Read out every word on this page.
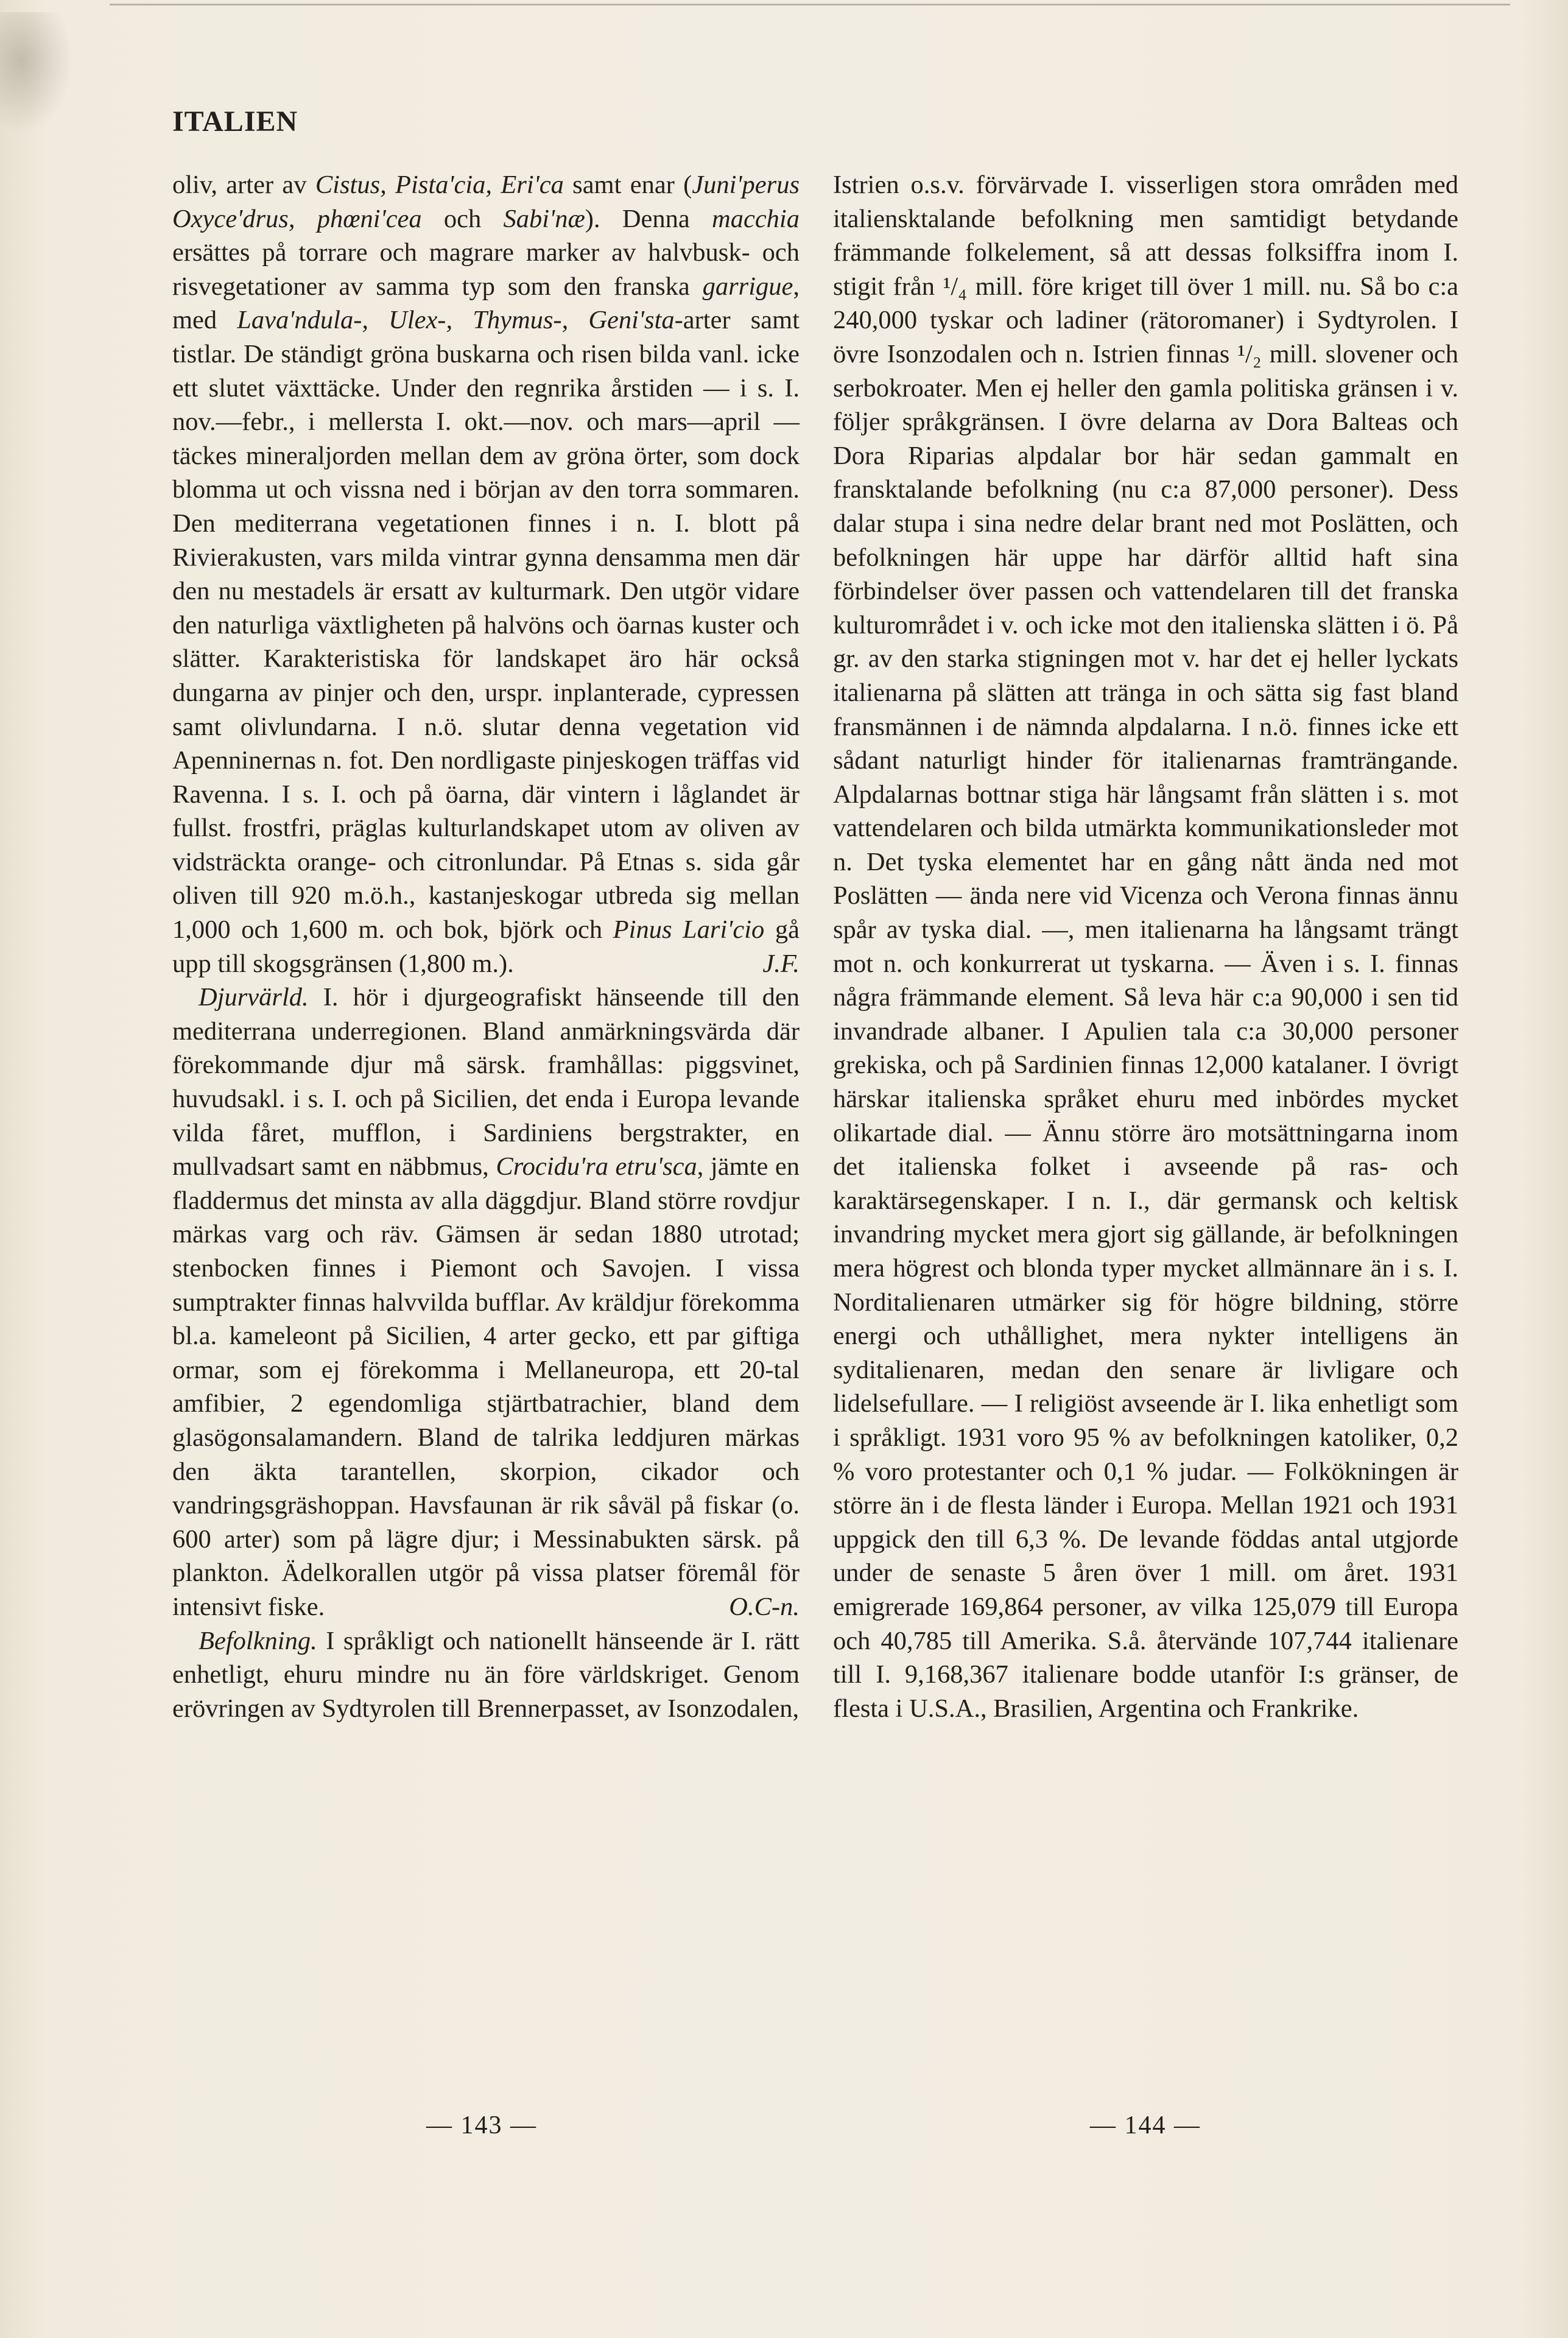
ITALIEN

oliv, arter av Cistus, Pista'cia, Eri'ca samt enar (Juni'perus Oxyce'drus, phœni'cea och Sabi'næ). Denna macchia ersättes på torrare och magrare marker av halvbusk- och risvegetationer av samma typ som den franska garrigue, med Lava'ndula-, Ulex-, Thymus-, Geni'sta-arter samt tistlar. De ständigt gröna buskarna och risen bilda vanl. icke ett slutet växttäcke. Under den regnrika årstiden — i s. I. nov.—febr., i mellersta I. okt.—nov. och mars—april — täckes mineraljorden mellan dem av gröna örter, som dock blomma ut och vissna ned i början av den torra sommaren. Den mediterrana vegetationen finnes i n. I. blott på Rivierakusten, vars milda vintrar gynna densamma men där den nu mestadels är ersatt av kulturmark. Den utgör vidare den naturliga växtligheten på halvöns och öarnas kuster och slätter. Karakteristiska för landskapet äro här också dungarna av pinjer och den, urspr. inplanterade, cypressen samt olivlundarna. I n.ö. slutar denna vegetation vid Apenninernas n. fot. Den nordligaste pinjeskogen träffas vid Ravenna. I s. I. och på öarna, där vintern i låglandet är fullst. frostfri, präglas kulturlandskapet utom av oliven av vidsträckta orange- och citronlundar. På Etnas s. sida går oliven till 920 m.ö.h., kastanjeskogar utbreda sig mellan 1,000 och 1,600 m. och bok, björk och Pinus Lari'cio gå upp till skogsgränsen (1,800 m.).	J.F.

Djurvärld. I. hör i djurgeografiskt hänseende till den mediterrana underregionen. Bland anmärkningsvärda där förekommande djur må särsk. framhållas: piggsvinet, huvudsakl. i s. I. och på Sicilien, det enda i Europa levande vilda fåret, mufflon, i Sardiniens bergstrakter, en mullvadsart samt en näbbmus, Crocidu'ra etru'sca, jämte en fladdermus det minsta av alla däggdjur. Bland större rovdjur märkas varg och räv. Gämsen är sedan 1880 utrotad; stenbocken finnes i Piemont och Savojen. I vissa sumptrakter finnas halvvilda bufflar. Av kräldjur förekomma bl.a. kameleont på Sicilien, 4 arter gecko, ett par giftiga ormar, som ej förekomma i Mellaneuropa, ett 20-tal amfibier, 2 egendomliga stjärtbatrachier, bland dem glasögonsalamandern. Bland de talrika leddjuren märkas den äkta tarantellen, skorpion, cikador och vandringsgräshoppan. Havsfaunan är rik såväl på fiskar (o. 600 arter) som på lägre djur; i Messinabukten särsk. på plankton. Ädelkorallen utgör på vissa platser föremål för intensivt fiske.	O.C-n.

Befolkning. I språkligt och nationellt hänseende är I. rätt enhetligt, ehuru mindre nu än före världskriget. Genom erövringen av Sydtyrolen till Brennerpasset, av Isonzodalen,

Istrien o.s.v. förvärvade I. visserligen stora områden med italiensktalande befolkning men samtidigt betydande främmande folkelement, så att dessas folksiffra inom I. stigit från ¹/₄ mill. före kriget till över 1 mill. nu. Så bo c:a 240,000 tyskar och ladiner (rätoromaner) i Sydtyrolen. I övre Isonzodalen och n. Istrien finnas ¹/₂ mill. slovener och serbokroater. Men ej heller den gamla politiska gränsen i v. följer språkgränsen. I övre delarna av Dora Balteas och Dora Riparias alpdalar bor här sedan gammalt en fransktalande befolkning (nu c:a 87,000 personer). Dess dalar stupa i sina nedre delar brant ned mot Poslätten, och befolkningen här uppe har därför alltid haft sina förbindelser över passen och vattendelaren till det franska kulturområdet i v. och icke mot den italienska slätten i ö. På gr. av den starka stigningen mot v. har det ej heller lyckats italienarna på slätten att tränga in och sätta sig fast bland fransmännen i de nämnda alpdalarna. I n.ö. finnes icke ett sådant naturligt hinder för italienarnas framträngande. Alpdalarnas bottnar stiga här långsamt från slätten i s. mot vattendelaren och bilda utmärkta kommunikationsleder mot n. Det tyska elementet har en gång nått ända ned mot Poslätten — ända nere vid Vicenza och Verona finnas ännu spår av tyska dial. —, men italienarna ha långsamt trängt mot n. och konkurrerat ut tyskarna. — Även i s. I. finnas några främmande element. Så leva här c:a 90,000 i sen tid invandrade albaner. I Apulien tala c:a 30,000 personer grekiska, och på Sardinien finnas 12,000 katalaner. I övrigt härskar italienska språket ehuru med inbördes mycket olikartade dial. — Ännu större äro motsättningarna inom det italienska folket i avseende på ras- och karaktärsegenskaper. I n. I., där germansk och keltisk invandring mycket mera gjort sig gällande, är befolkningen mera högrest och blonda typer mycket allmännare än i s. I. Norditalienaren utmärker sig för högre bildning, större energi och uthållighet, mera nykter intelligens än syditalienaren, medan den senare är livligare och lidelsefullare. — I religiöst avseende är I. lika enhetligt som i språkligt. 1931 voro 95 % av befolkningen katoliker, 0,2 % voro protestanter och 0,1 % judar. — Folkökningen är större än i de flesta länder i Europa. Mellan 1921 och 1931 uppgick den till 6,3 %. De levande föddas antal utgjorde under de senaste 5 åren över 1 mill. om året. 1931 emigrerade 169,864 personer, av vilka 125,079 till Europa och 40,785 till Amerika. S.å. återvände 107,744 italienare till I. 9,168,367 italienare bodde utanför I:s gränser, de flesta i U.S.A., Brasilien, Argentina och Frankrike.

— 143 —	— 144 —
